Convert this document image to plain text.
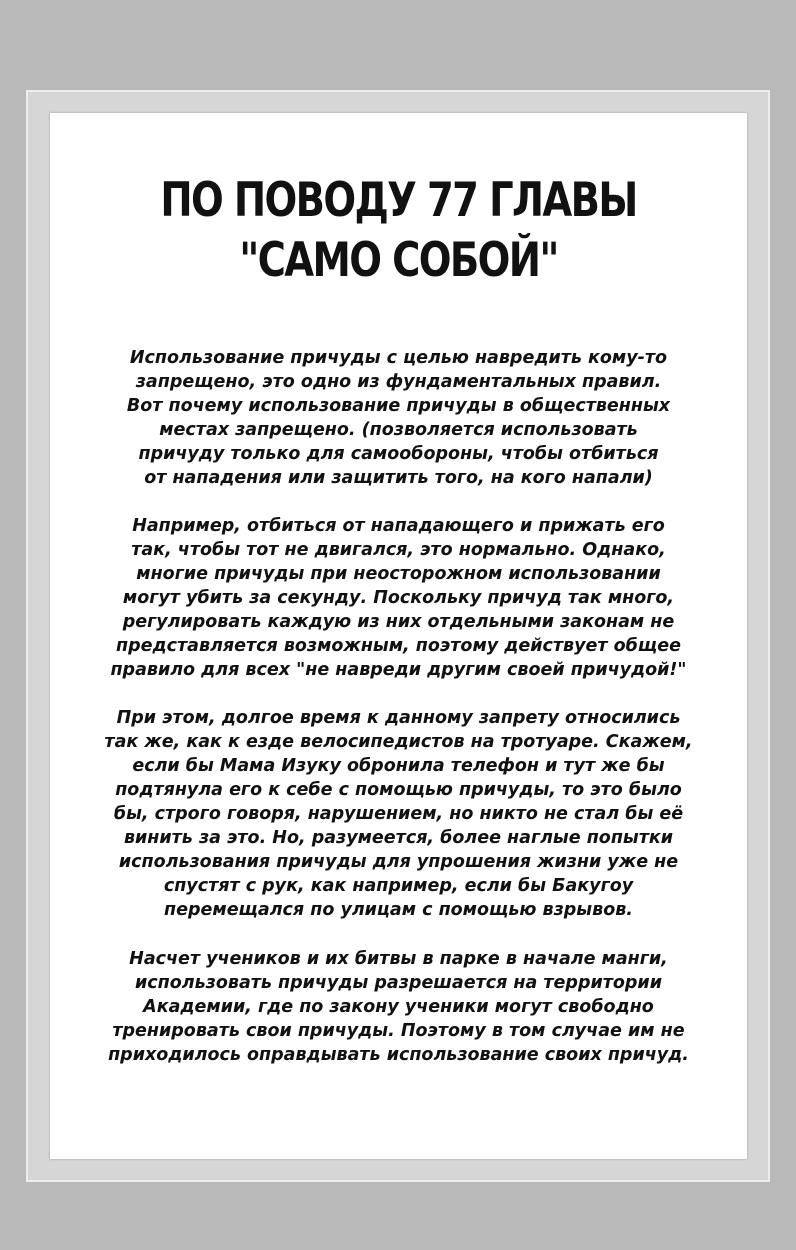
ПО ПОВОДУ 77 ГЛАВЫ
"САМО СОБОЙ"
Использование причуды с целью навредить кому-то
запрещено, это одно из фундаментальных правил.
Вот почему использование причуды в общественных
местах запрещено. (позволяется использовать
причуду только для самообороны, чтобы отбиться
от нападения или защитить того, на кого напали)
Например, отбиться от нападающего и прижать его
так, чтобы тот не двигался, это нормально. Однако,
многие причуды при неосторожном использовании
могут убить за секунду. Поскольку причуд так много,
регулировать каждую из них отдельными законам не
представляется возможным, поэтому действует общее
правило для всех "не навреди другим своей причудой!"
При этом, долгое время к данному запрету относились
так же, как к езде велосипедистов на тротуаре. Скажем,
если бы Мама Изуку обронила телефон и тут же бы
подтянула его к себе с помощью причуды, то это было
бы, строго говоря, нарушением, но никто не стал бы её
винить за это. Но, разумеется, более наглые попытки
использования причуды для упрошения жизни уже не
спустят с рук, как например, если бы Бакугоу
перемещался по улицам с помощью взрывов.
Насчет учеников и их битвы в парке в начале манги,
использовать причуды разрешается на территории
Академии, где по закону ученики могут свободно
тренировать свои причуды. Поэтому в том случае им не
приходилось оправдывать использование своих причуд.
